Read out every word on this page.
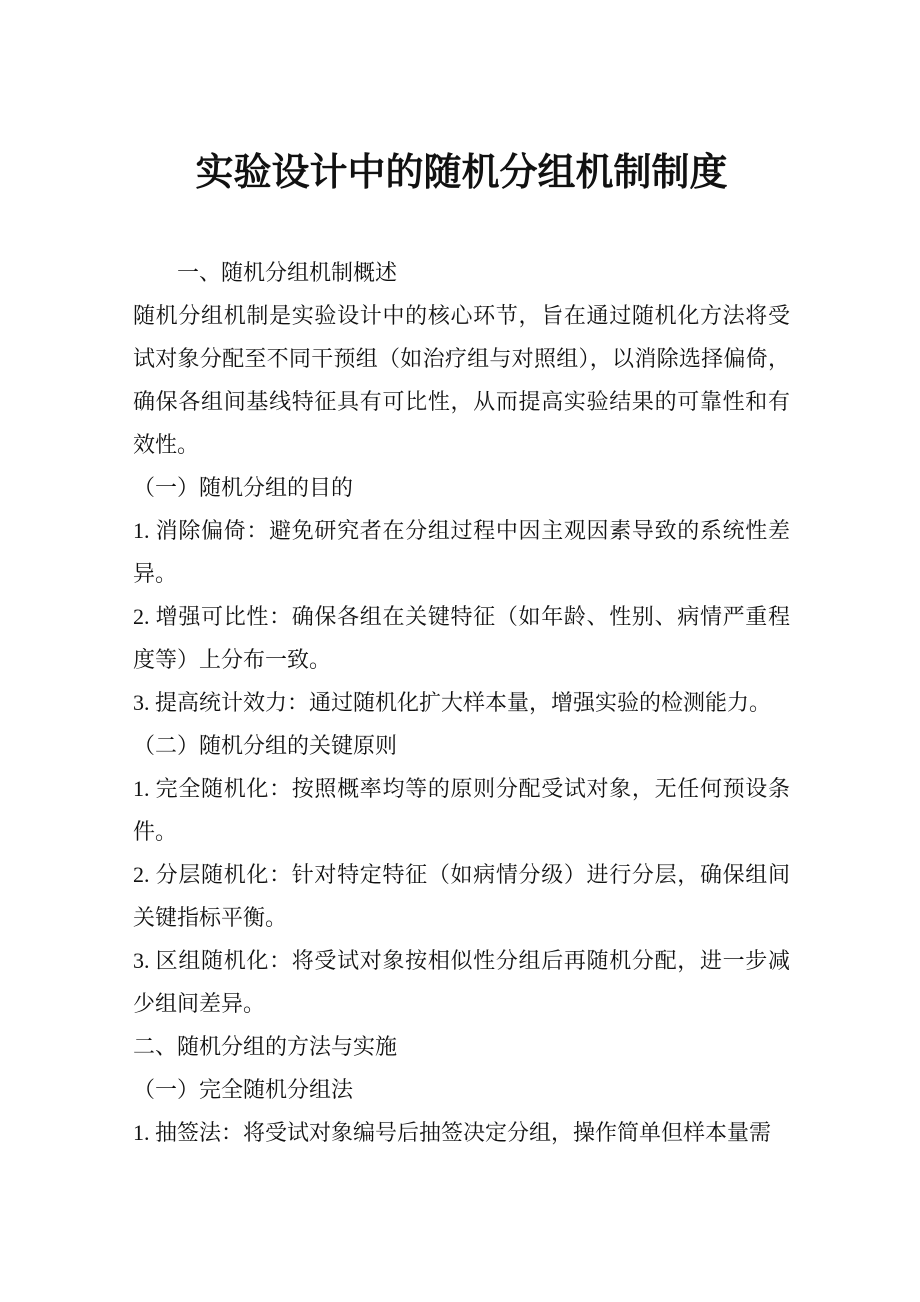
实验设计中的随机分组机制制度

一、随机分组机制概述

随机分组机制是实验设计中的核心环节，旨在通过随机化方法将受试对象分配至不同干预组（如治疗组与对照组），以消除选择偏倚，确保各组间基线特征具有可比性，从而提高实验结果的可靠性和有效性。

（一）随机分组的目的

1. 消除偏倚：避免研究者在分组过程中因主观因素导致的系统性差异。

2. 增强可比性：确保各组在关键特征（如年龄、性别、病情严重程度等）上分布一致。

3. 提高统计效力：通过随机化扩大样本量，增强实验的检测能力。

（二）随机分组的关键原则

1. 完全随机化：按照概率均等的原则分配受试对象，无任何预设条件。

2. 分层随机化：针对特定特征（如病情分级）进行分层，确保组间关键指标平衡。

3. 区组随机化：将受试对象按相似性分组后再随机分配，进一步减少组间差异。

二、随机分组的方法与实施

（一）完全随机分组法

1. 抽签法：将受试对象编号后抽签决定分组，操作简单但样本量需
